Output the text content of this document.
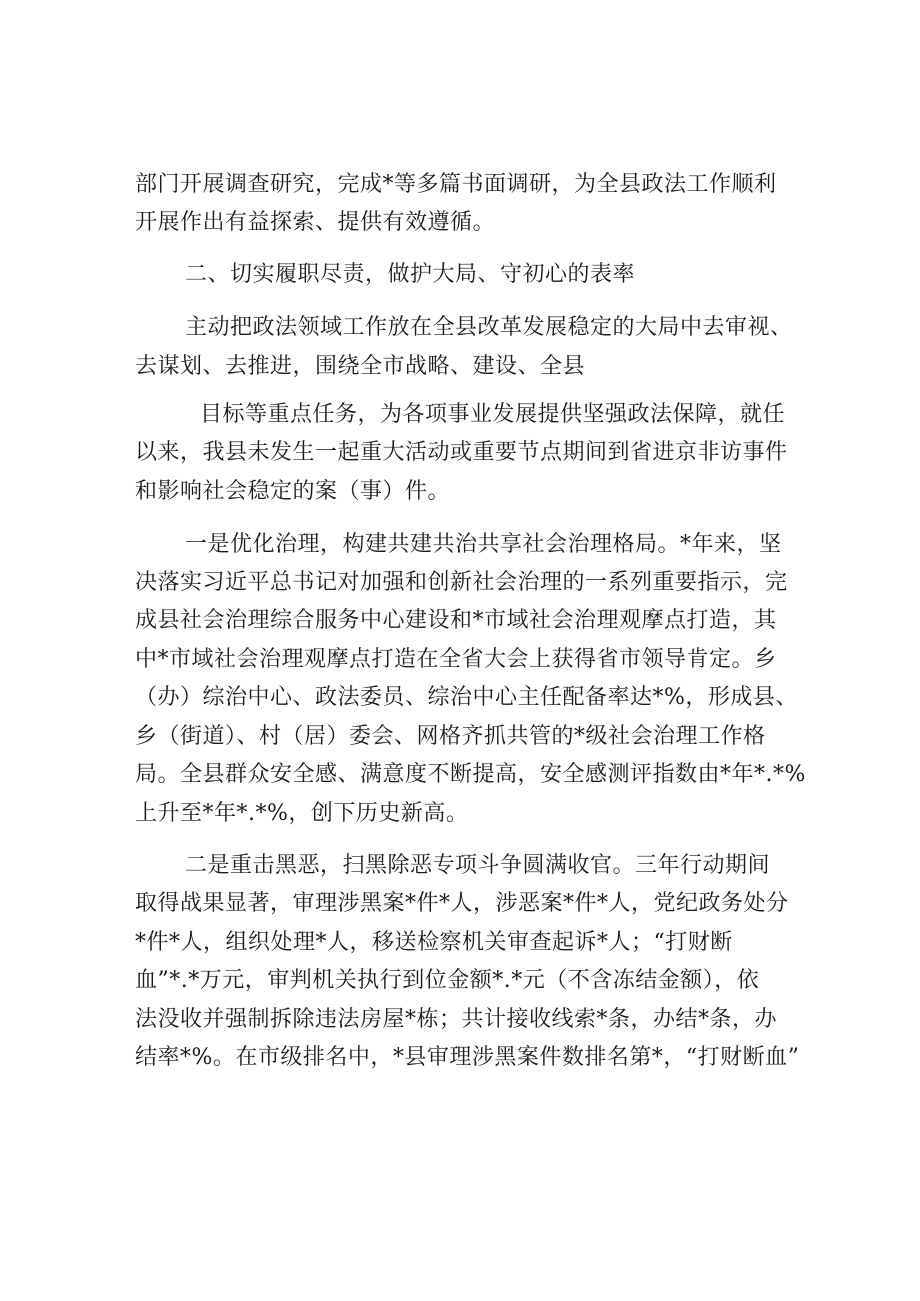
部门开展调查研究，完成*等多篇书面调研，为全县政法工作顺利
开展作出有益探索、提供有效遵循。
二、切实履职尽责，做护大局、守初心的表率
主动把政法领域工作放在全县改革发展稳定的大局中去审视、
去谋划、去推进，围绕全市战略、建设、全县
目标等重点任务，为各项事业发展提供坚强政法保障，就任
以来，我县未发生一起重大活动或重要节点期间到省进京非访事件
和影响社会稳定的案（事）件。
一是优化治理，构建共建共治共享社会治理格局。*年来，坚
决落实习近平总书记对加强和创新社会治理的一系列重要指示，完
成县社会治理综合服务中心建设和*市域社会治理观摩点打造，其
中*市域社会治理观摩点打造在全省大会上获得省市领导肯定。乡
（办）综治中心、政法委员、综治中心主任配备率达*%，形成县、
乡（街道）、村（居）委会、网格齐抓共管的*级社会治理工作格
局。全县群众安全感、满意度不断提高，安全感测评指数由*年*.*%
上升至*年*.*%，创下历史新高。
二是重击黑恶，扫黑除恶专项斗争圆满收官。三年行动期间
取得战果显著，审理涉黑案*件*人，涉恶案*件*人，党纪政务处分
*件*人，组织处理*人，移送检察机关审查起诉*人；“打财断
血”*.*万元，审判机关执行到位金额*.*元（不含冻结金额），依
法没收并强制拆除违法房屋*栋；共计接收线索*条，办结*条，办
结率*%。在市级排名中，*县审理涉黑案件数排名第*，“打财断血”
